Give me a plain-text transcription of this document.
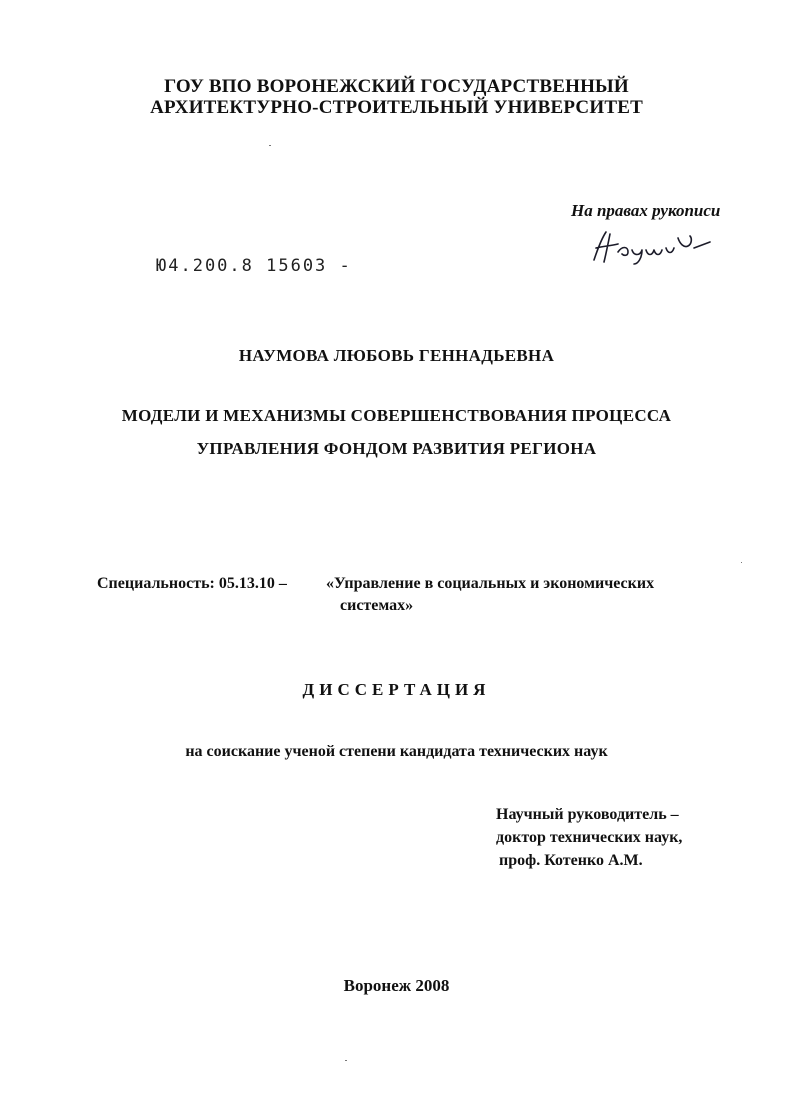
ГОУ ВПО ВОРОНЕЖСКИЙ ГОСУДАРСТВЕННЫЙ

АРХИТЕКТУРНО-СТРОИТЕЛЬНЫЙ УНИВЕРСИТЕТ

На правах рукописи

Ю4.200.8 15603 -

НАУМОВА ЛЮБОВЬ ГЕННАДЬЕВНА

МОДЕЛИ И МЕХАНИЗМЫ СОВЕРШЕНСТВОВАНИЯ ПРОЦЕССА

УПРАВЛЕНИЯ ФОНДОМ РАЗВИТИЯ РЕГИОНА

Специальность: 05.13.10 – «Управление в социальных и экономических

системах»

ДИССЕРТАЦИЯ

на соискание ученой степени кандидата технических наук

Научный руководитель –

доктор технических наук,

проф. Котенко А.М.

Воронеж 2008
